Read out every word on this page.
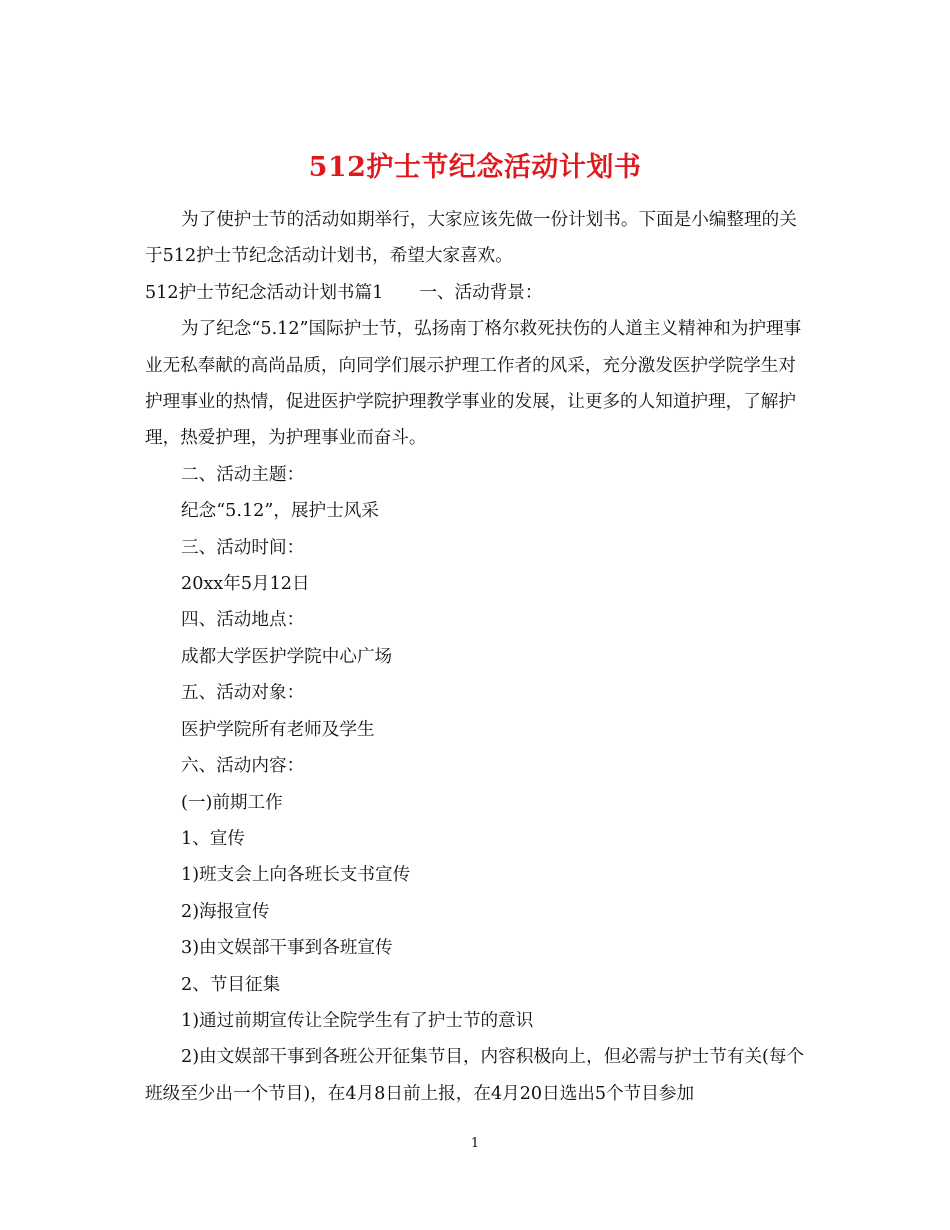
512护士节纪念活动计划书

为了使护士节的活动如期举行，大家应该先做一份计划书。下面是小编整理的关于512护士节纪念活动计划书，希望大家喜欢。

512护士节纪念活动计划书篇1 一、活动背景：

为了纪念“5.12”国际护士节，弘扬南丁格尔救死扶伤的人道主义精神和为护理事业无私奉献的高尚品质，向同学们展示护理工作者的风采，充分激发医护学院学生对护理事业的热情，促进医护学院护理教学事业的发展，让更多的人知道护理，了解护理，热爱护理，为护理事业而奋斗。

二、活动主题：

纪念“5.12”，展护士风采

三、活动时间：

20xx年5月12日

四、活动地点：

成都大学医护学院中心广场

五、活动对象：

医护学院所有老师及学生

六、活动内容：

(一)前期工作

1、宣传

1)班支会上向各班长支书宣传

2)海报宣传

3)由文娱部干事到各班宣传

2、节目征集

1)通过前期宣传让全院学生有了护士节的意识

2)由文娱部干事到各班公开征集节目，内容积极向上，但必需与护士节有关(每个班级至少出一个节目)，在4月8日前上报，在4月20日选出5个节目参加

1
